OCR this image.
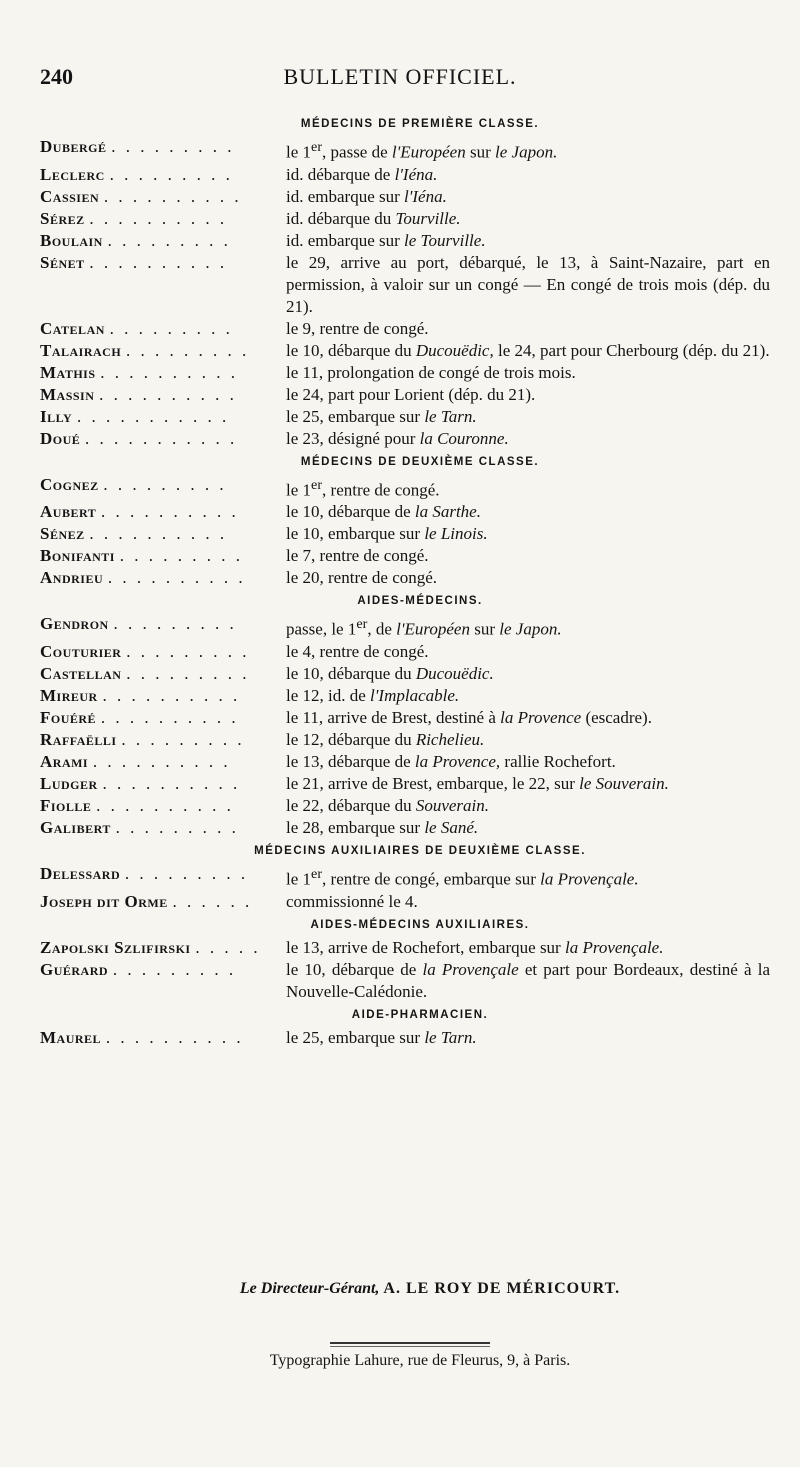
240	BULLETIN OFFICIEL.
MÉDECINS DE PREMIÈRE CLASSE.
Dubergé . . . . . . . . .	le 1er, passe de l'Européen sur le Japon.
Leclerc . . . . . . . . .	id. débarque de l'Iéna.
Cassien . . . . . . . . . .	id. embarque sur l'Iéna.
Sérez . . . . . . . . . .	id. débarque du Tourville.
Boulain . . . . . . . . .	id. embarque sur le Tourville.
Sénet . . . . . . . . . .	le 29, arrive au port, débarqué, le 13, à Saint-Nazaire, part en permission, à valoir sur un congé — En congé de trois mois (dép. du 21).
Catelan . . . . . . . . .	le 9, rentre de congé.
Talairach . . . . . . . . .	le 10, débarque du Ducouëdic, le 24, part pour Cherbourg (dép. du 21).
Mathis . . . . . . . . . .	le 11, prolongation de congé de trois mois.
Massin . . . . . . . . . .	le 24, part pour Lorient (dép. du 21).
Illy . . . . . . . . . . .	le 25, embarque sur le Tarn.
Doué . . . . . . . . . . .	le 23, désigné pour la Couronne.
MÉDECINS DE DEUXIÈME CLASSE.
Cognez . . . . . . . . .	le 1er, rentre de congé.
Aubert . . . . . . . . . .	le 10, débarque de la Sarthe.
Sénez . . . . . . . . . .	le 10, embarque sur le Linois.
Bonifanti . . . . . . . . .	le 7, rentre de congé.
Andrieu . . . . . . . . . .	le 20, rentre de congé.
AIDES-MÉDECINS.
Gendron . . . . . . . . .	passe, le 1er, de l'Européen sur le Japon.
Couturier . . . . . . . . .	le 4, rentre de congé.
Castellan . . . . . . . . .	le 10, débarque du Ducouëdic.
Mireur . . . . . . . . . .	le 12, id. de l'Implacable.
Fouéré . . . . . . . . . .	le 11, arrive de Brest, destiné à la Provence (escadre).
Raffaëlli . . . . . . . . .	le 12, débarque du Richelieu.
Arami . . . . . . . . . .	le 13, débarque de la Provence, rallie Rochefort.
Ludger . . . . . . . . . .	le 21, arrive de Brest, embarque, le 22, sur le Souverain.
Fiolle . . . . . . . . . .	le 22, débarque du Souverain.
Galibert . . . . . . . . .	le 28, embarque sur le Sané.
MÉDECINS AUXILIAIRES DE DEUXIÈME CLASSE.
Delessard . . . . . . . . .	le 1er, rentre de congé, embarque sur la Provençale.
Joseph dit Orme . . . . . .	commissionné le 4.
AIDES-MÉDECINS AUXILIAIRES.
Zapolski Szlifirski . . . . .	le 13, arrive de Rochefort, embarque sur la Provençale.
Guérard . . . . . . . . .	le 10, débarque de la Provençale et part pour Bordeaux, destiné à la Nouvelle-Calédonie.
AIDE-PHARMACIEN.
Maurel . . . . . . . . . .	le 25, embarque sur le Tarn.
Le Directeur-Gérant, A. LE ROY DE MÉRICOURT.
Typographie Lahure, rue de Fleurus, 9, à Paris.
